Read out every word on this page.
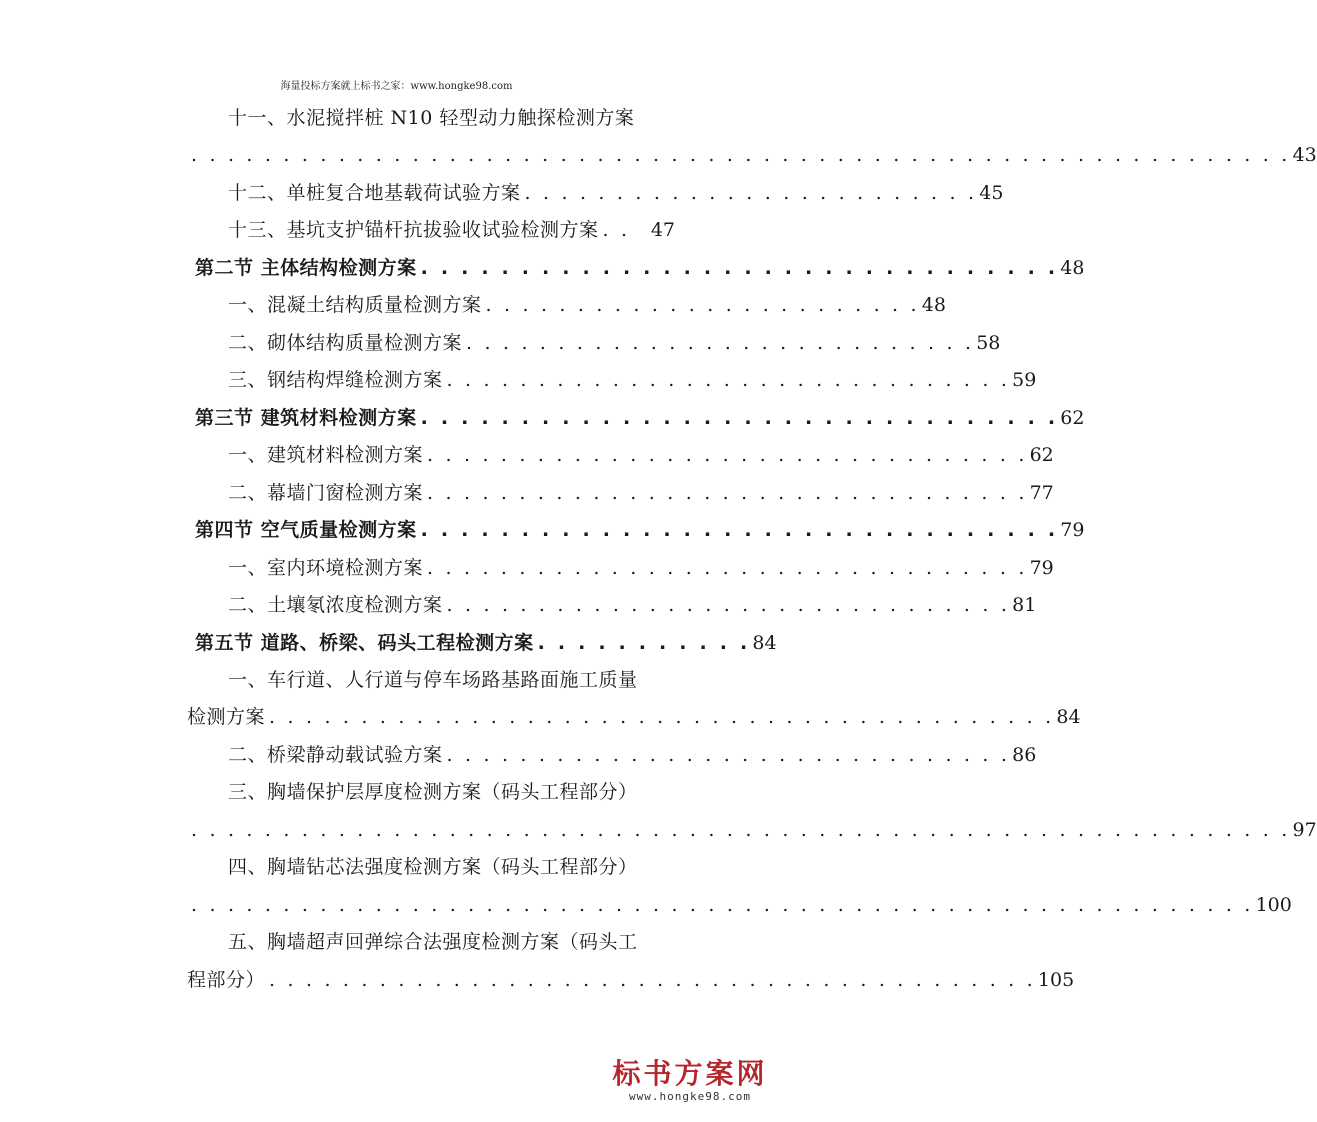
海量投标方案就上标书之家：www.hongke98.com
十一、水泥搅拌桩 N10 轻型动力触探检测方案
. . . . . . . . . . . . . . . . . . . . . . . . . . . . . . . . . . . . . . . . . . . . . . . . . . . . . . . . . . . . 43
十二、单桩复合地基载荷试验方案 . . . . . . . . . . . . . . . . . . . . . . . . . 45
十三、基坑支护锚杆抗拔验收试验检测方案 . .	47
第二节 主体结构检测方案 . . . . . . . . . . . . . . . . . . . . . . . . . . . . . . . . 48
一、混凝土结构质量检测方案 . . . . . . . . . . . . . . . . . . . . . . . . 48
二、砌体结构质量检测方案 . . . . . . . . . . . . . . . . . . . . . . . . . . . . 58
三、钢结构焊缝检测方案 . . . . . . . . . . . . . . . . . . . . . . . . . . . . . . . 59
第三节 建筑材料检测方案 . . . . . . . . . . . . . . . . . . . . . . . . . . . . . . . . 62
一、建筑材料检测方案 . . . . . . . . . . . . . . . . . . . . . . . . . . . . . . . . . 62
二、幕墙门窗检测方案 . . . . . . . . . . . . . . . . . . . . . . . . . . . . . . . . . 77
第四节 空气质量检测方案 . . . . . . . . . . . . . . . . . . . . . . . . . . . . . . . . 79
一、室内环境检测方案 . . . . . . . . . . . . . . . . . . . . . . . . . . . . . . . . . 79
二、土壤氡浓度检测方案 . . . . . . . . . . . . . . . . . . . . . . . . . . . . . . . 81
第五节 道路、桥梁、码头工程检测方案 . . . . . . . . . . . 84
一、车行道、人行道与停车场路基路面施工质量
检测方案 . . . . . . . . . . . . . . . . . . . . . . . . . . . . . . . . . . . . . . . . . . . 84
二、桥梁静动载试验方案 . . . . . . . . . . . . . . . . . . . . . . . . . . . . . . . 86
三、胸墙保护层厚度检测方案（码头工程部分）
. . . . . . . . . . . . . . . . . . . . . . . . . . . . . . . . . . . . . . . . . . . . . . . . . . . . . . . . . . . . 97
四、胸墙钻芯法强度检测方案（码头工程部分）
. . . . . . . . . . . . . . . . . . . . . . . . . . . . . . . . . . . . . . . . . . . . . . . . . . . . . . . . . . 100
五、胸墙超声回弹综合法强度检测方案（码头工
程部分） . . . . . . . . . . . . . . . . . . . . . . . . . . . . . . . . . . . . . . . . . . 105
标书方案网
www.hongke98.com
